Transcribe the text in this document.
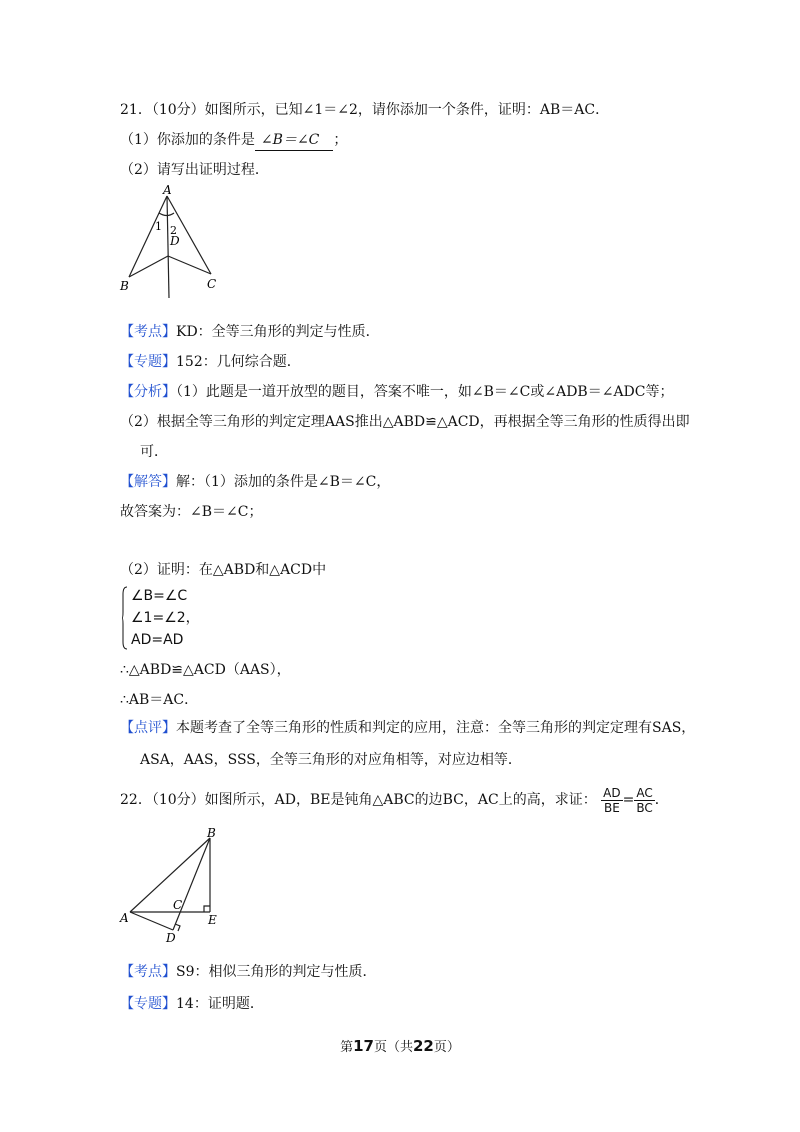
21．（10分）如图所示，已知∠1＝∠2，请你添加一个条件，证明：AB＝AC．
（1）你添加的条件是 ∠B＝∠C ；
（2）请写出证明过程．
A
B	C
D
1 2
【考点】KD：全等三角形的判定与性质．
【专题】152：几何综合题．
【分析】（1）此题是一道开放型的题目，答案不唯一，如∠B＝∠C或∠ADB＝∠ADC等；
（2）根据全等三角形的判定定理AAS推出△ABD≌△ACD，再根据全等三角形的性质得出即
可．
【解答】解：（1）添加的条件是∠B＝∠C，
故答案为：∠B＝∠C；
（2）证明：在△ABD和△ACD中
∠B=∠C
∠1=∠2，
AD=AD
∴△ABD≌△ACD（AAS），
∴AB＝AC．
【点评】本题考查了全等三角形的性质和判定的应用，注意：全等三角形的判定定理有SAS，
ASA，AAS，SSS，全等三角形的对应角相等，对应边相等．
22．（10分）如图所示，AD，BE是钝角△ABC的边BC，AC上的高，求证： $\frac{AD}{BE} = \frac{AC}{BC}$ ．
B
A
C
E
D
【考点】S9：相似三角形的判定与性质．
【专题】14：证明题．
第17页（共22页）
